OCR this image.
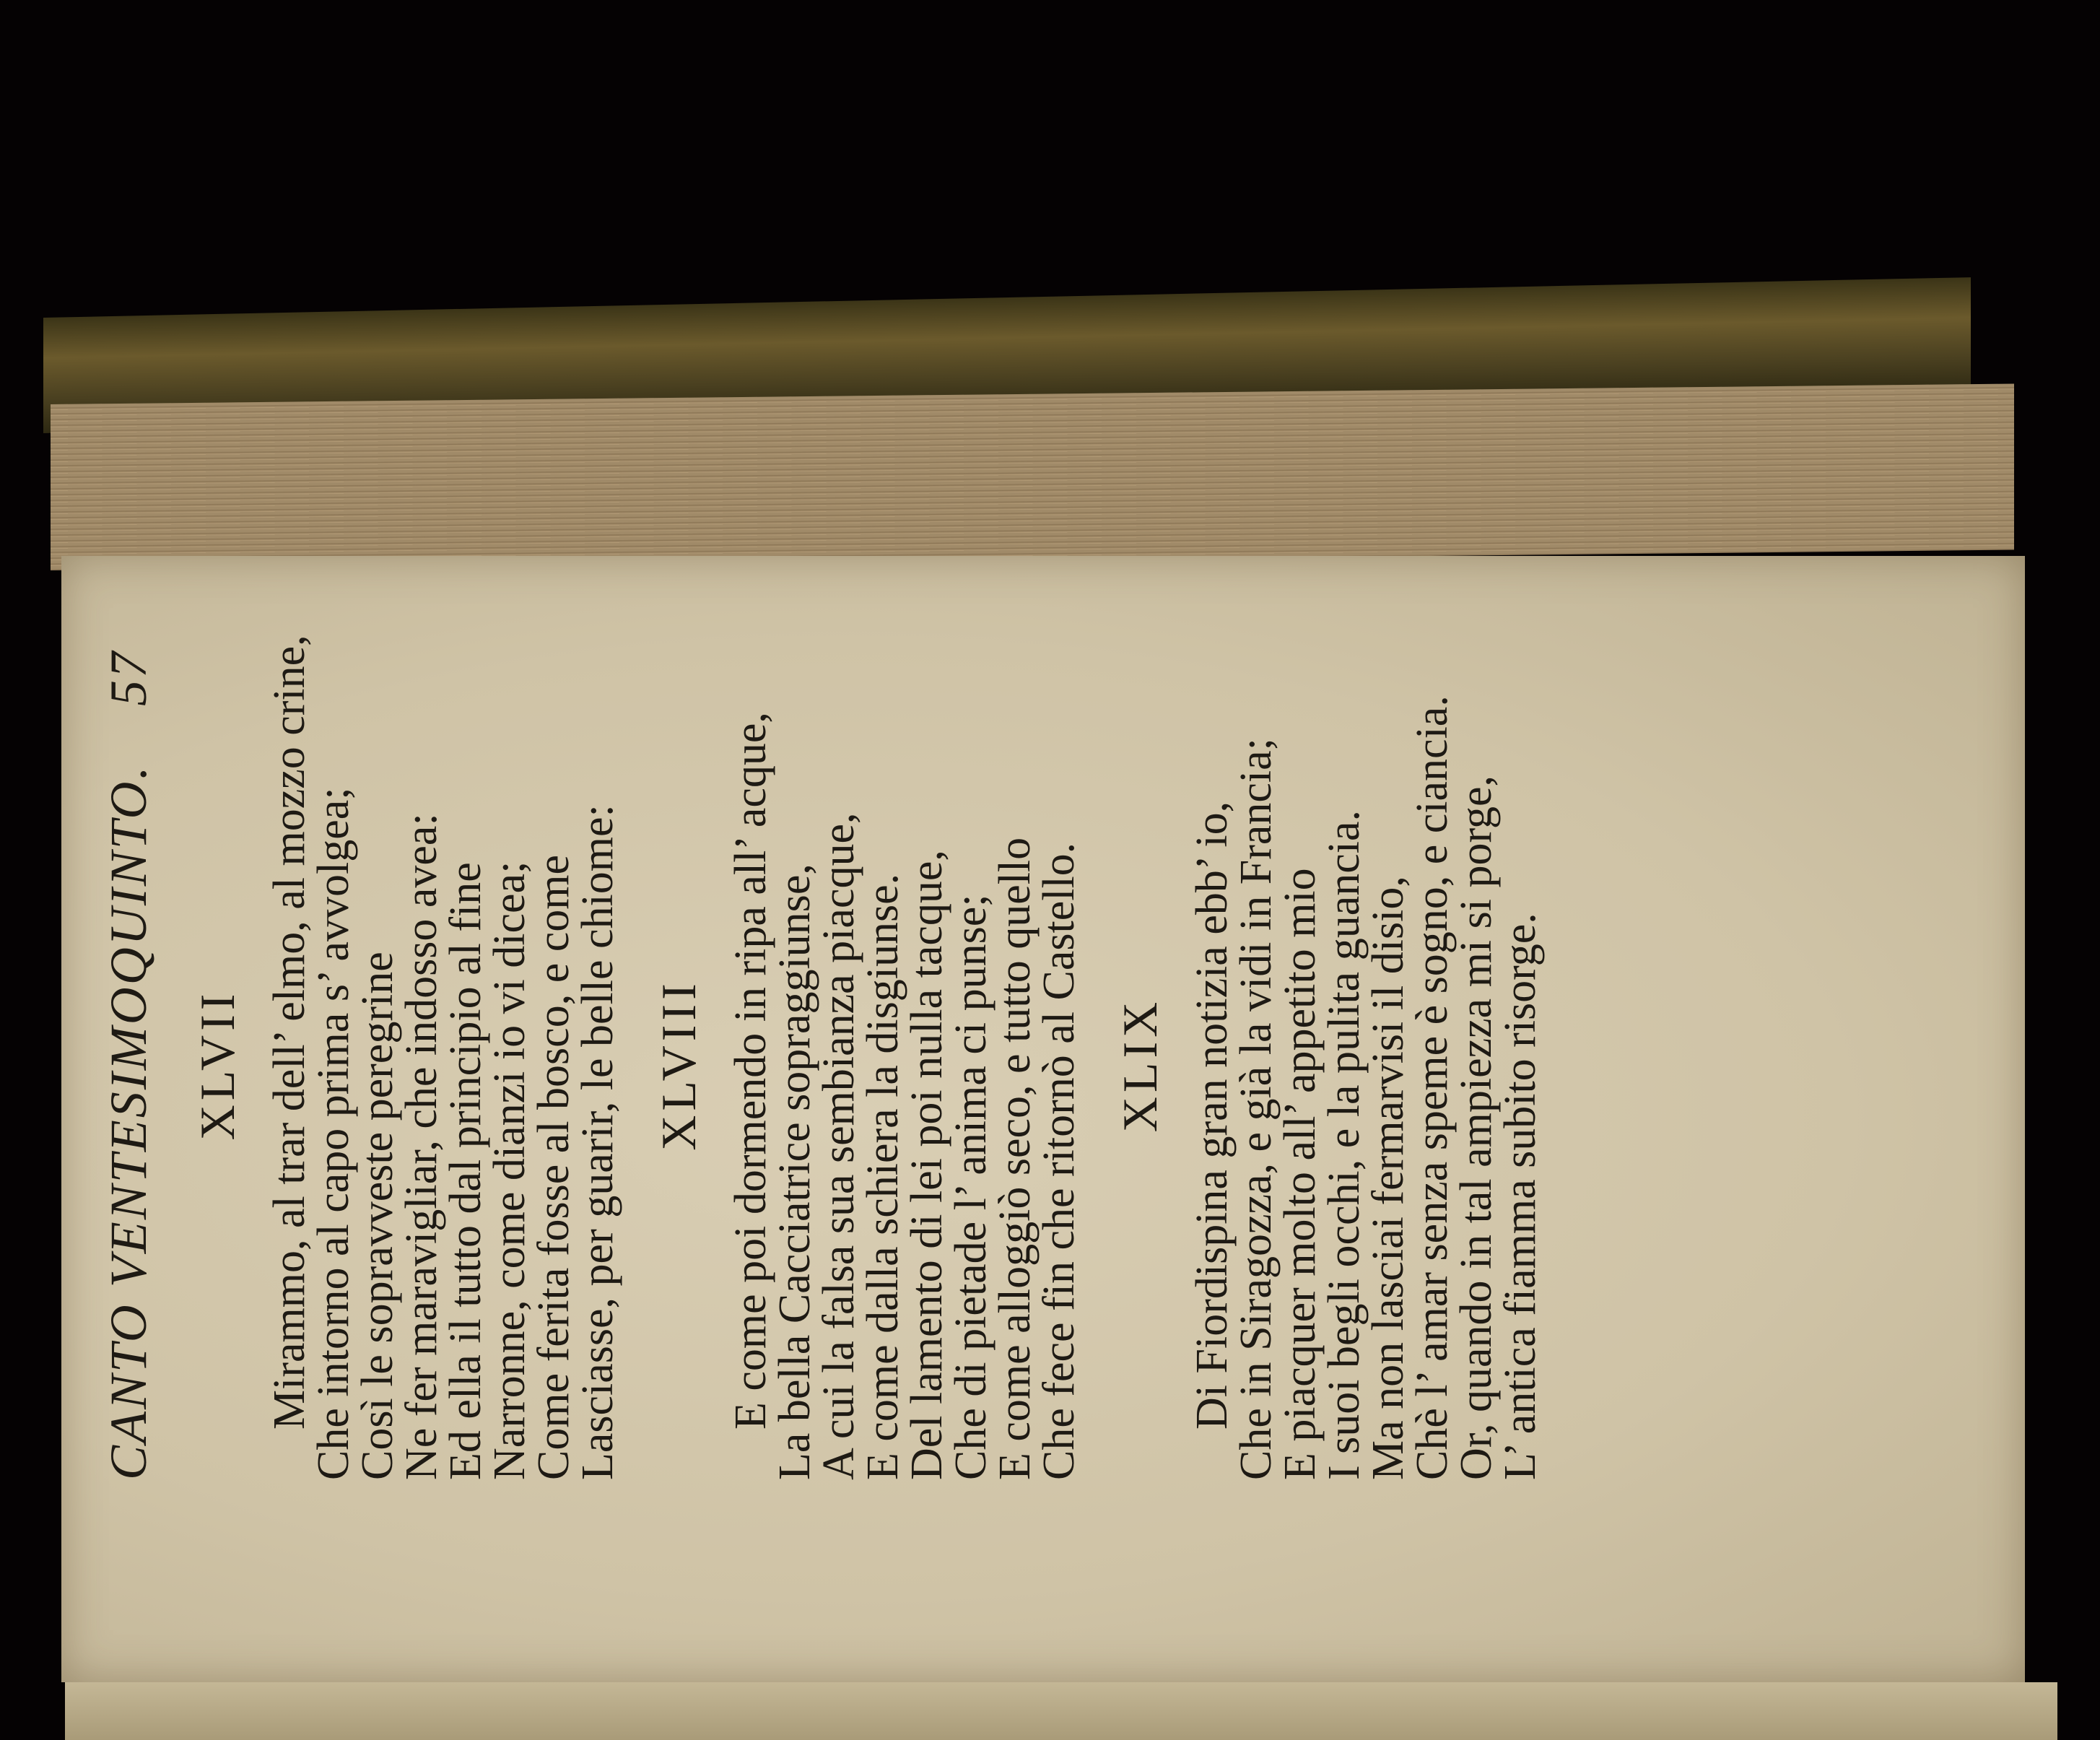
CANTO VENTESIMOQUINTO.
57
XLVII Mirammo, al trar dell’ elmo, al mozzo crine,
Che intorno al capo prima s’ avvolgea;
Così le sopravveste peregrine
Ne fer maravigliar, che indosso avea:
Ed ella il tutto dal principio al fine
Narronne, come dianzi io vi dicea;
Come ferita fosse al bosco, e come
Lasciasse, per guarir, le belle chiome: XLVIII E come poi dormendo in ripa all’ acque,
La bella Cacciatrice sopraggiunse,
A cui la falsa sua sembianza piacque,
E come dalla schiera la disgiunse.
Del lamento di lei poi nulla tacque,
Che di pietade l’ anima ci punse;
E come alloggiò seco, e tutto quello
Che fece fin che ritornò al Castello. XLIX Di Fiordispina gran notizia ebb’ io,
Che in Siragozza, e già la vidi in Francia;
E piacquer molto all’ appetito mio
I suoi begli occhi, e la pulita guancia.
Ma non lasciai fermarvisi il disio,
Chè l’ amar senza speme è sogno, e ciancia.
Or, quando in tal ampiezza mi si porge,
L’ antica fiamma subito risorge.
